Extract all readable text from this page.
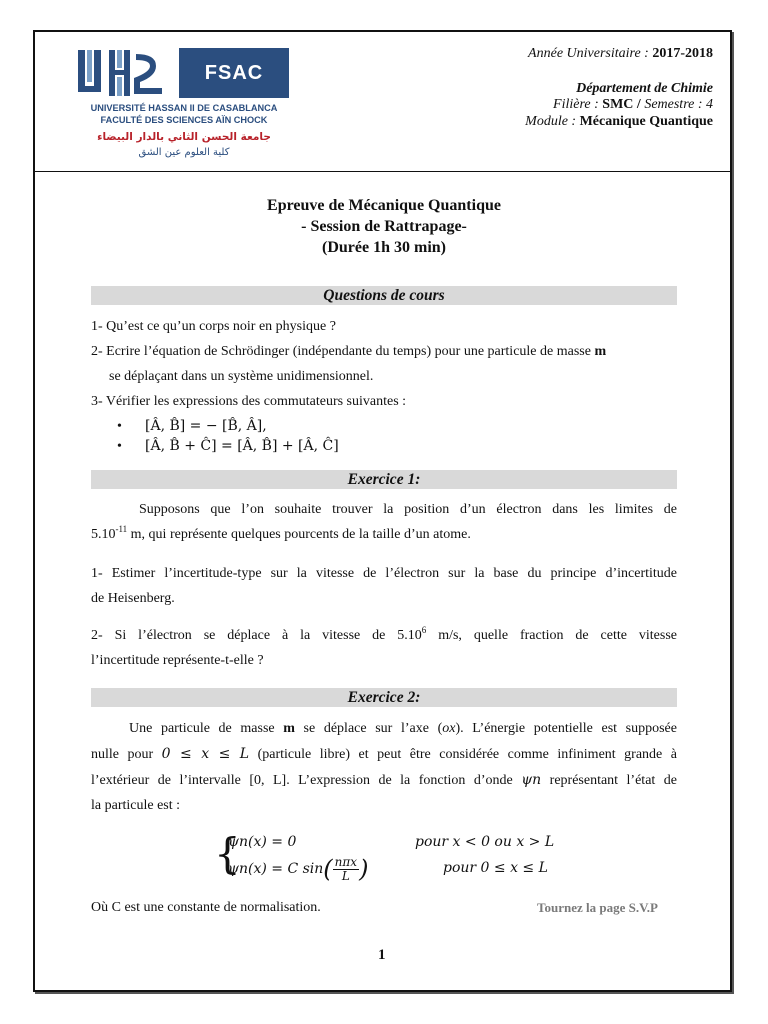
FSAC
UNIVERSITÉ HASSAN II DE CASABLANCA
FACULTÉ DES SCIENCES AÏN CHOCK
جامعة الحسن الثاني بالدار البيضاء
كلية العلوم عين الشق
Année Universitaire : 2017-2018
Département de Chimie
Filière : SMC / Semestre : 4
Module : Mécanique Quantique
Epreuve de Mécanique Quantique
- Session de Rattrapage-
(Durée 1h 30 min)
Questions de cours
1- Qu’est ce qu’un corps noir en physique ?
2- Ecrire l’équation de Schrödinger (indépendante du temps) pour une particule de masse m
se déplaçant dans un système unidimensionnel.
3- Vérifier les expressions des commutateurs suivantes :
• [Â, B̂] = − [B̂, Â],
• [Â, B̂ + Ĉ] = [Â, B̂] + [Â, Ĉ]
Exercice 1:
Supposons que l’on souhaite trouver la position d’un électron dans les limites de
$5.10^{-11}$ m, qui représente quelques pourcents de la taille d’un atome.
1- Estimer l’incertitude-type sur la vitesse de l’électron sur la base du principe d’incertitude
de Heisenberg.
2- Si l’électron se déplace à la vitesse de 5.10$^6$ m/s, quelle fraction de cette vitesse
l’incertitude représente-t-elle ?
Exercice 2:
Une particule de masse m se déplace sur l’axe (ox). L’énergie potentielle est supposée
nulle pour 0 ≤ x ≤ L (particule libre) et peut être considérée comme infiniment grande à
l’extérieur de l’intervalle [0, L]. L’expression de la fonction d’onde ψn représentant l’état de
la particule est :
{
ψn(x) = 0	pour x < 0 ou x > L
ψn(x) = C $\sin( \frac{\text{nπx}}{L}$ )	pour 0 ≤ x ≤ L
Où C est une constante de normalisation.	Tournez la page S.V.P
1
